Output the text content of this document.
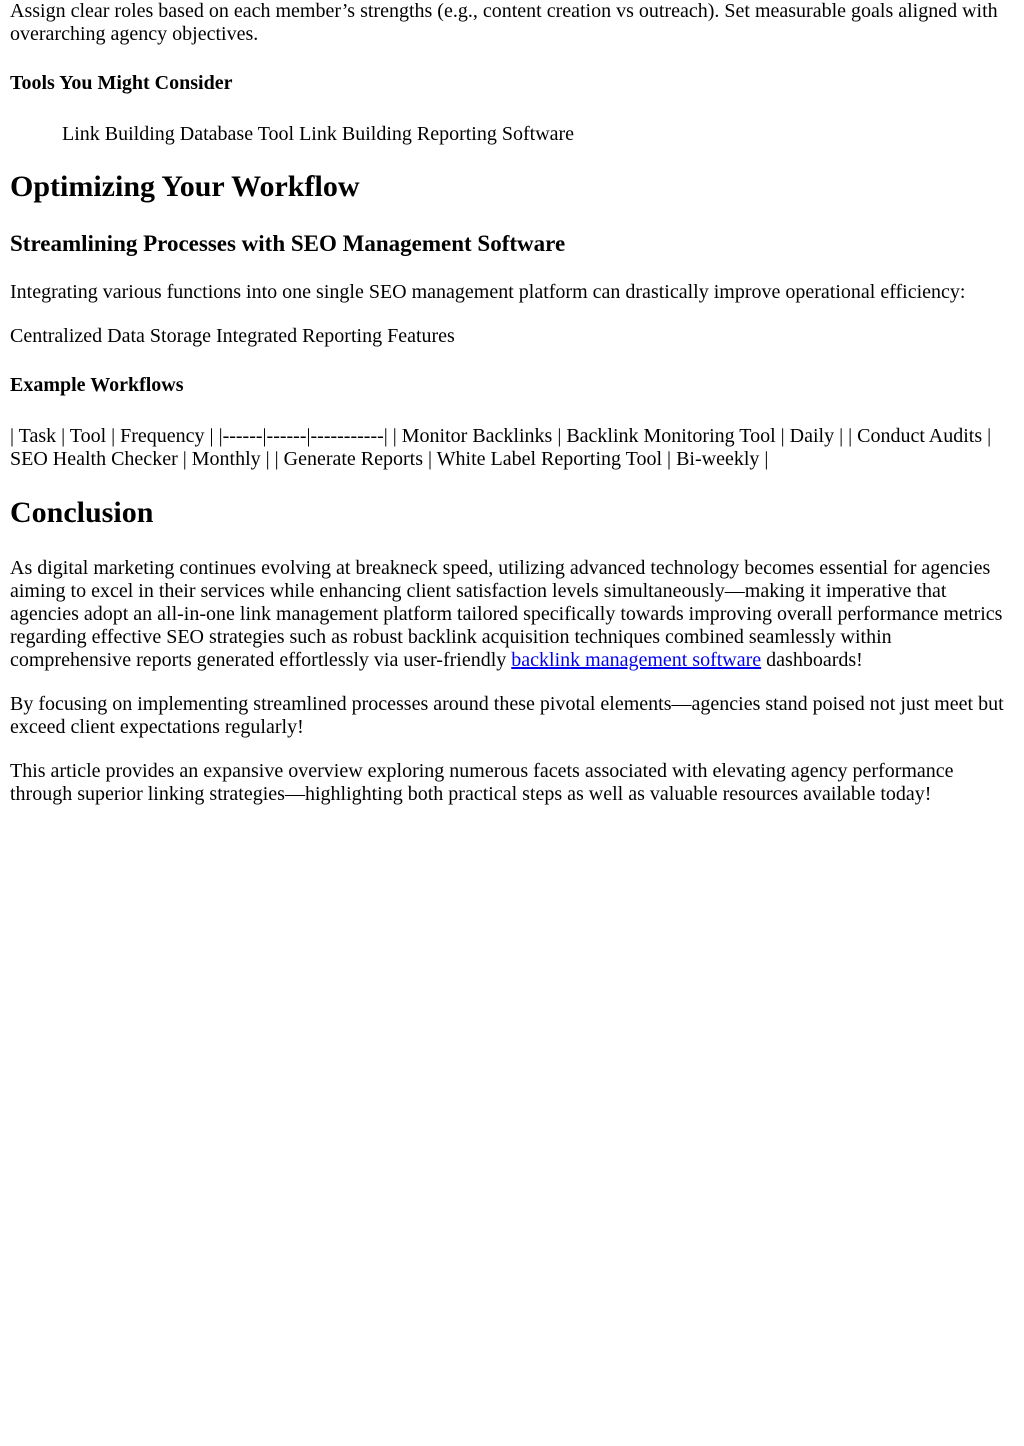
Assign clear roles based on each member’s strengths (e.g., content creation vs outreach). Set measurable goals aligned with overarching agency objectives.

Tools You Might Consider
Link Building Database Tool Link Building Reporting Software
Optimizing Your Workflow
Streamlining Processes with SEO Management Software

Integrating various functions into one single SEO management platform can drastically improve operational efficiency:

Centralized Data Storage Integrated Reporting Features

Example Workflows

| Task | Tool | Frequency | |------|------|-----------| | Monitor Backlinks | Backlink Monitoring Tool | Daily | | Conduct Audits | SEO Health Checker | Monthly | | Generate Reports | White Label Reporting Tool | Bi-weekly |

Conclusion

As digital marketing continues evolving at breakneck speed, utilizing advanced technology becomes essential for agencies aiming to excel in their services while enhancing client satisfaction levels simultaneously—making it imperative that agencies adopt an all-in-one link management platform tailored specifically towards improving overall performance metrics regarding effective SEO strategies such as robust backlink acquisition techniques combined seamlessly within comprehensive reports generated effortlessly via user-friendly backlink management software dashboards!

By focusing on implementing streamlined processes around these pivotal elements—agencies stand poised not just meet but exceed client expectations regularly!

This article provides an expansive overview exploring numerous facets associated with elevating agency performance through superior linking strategies—highlighting both practical steps as well as valuable resources available today!
